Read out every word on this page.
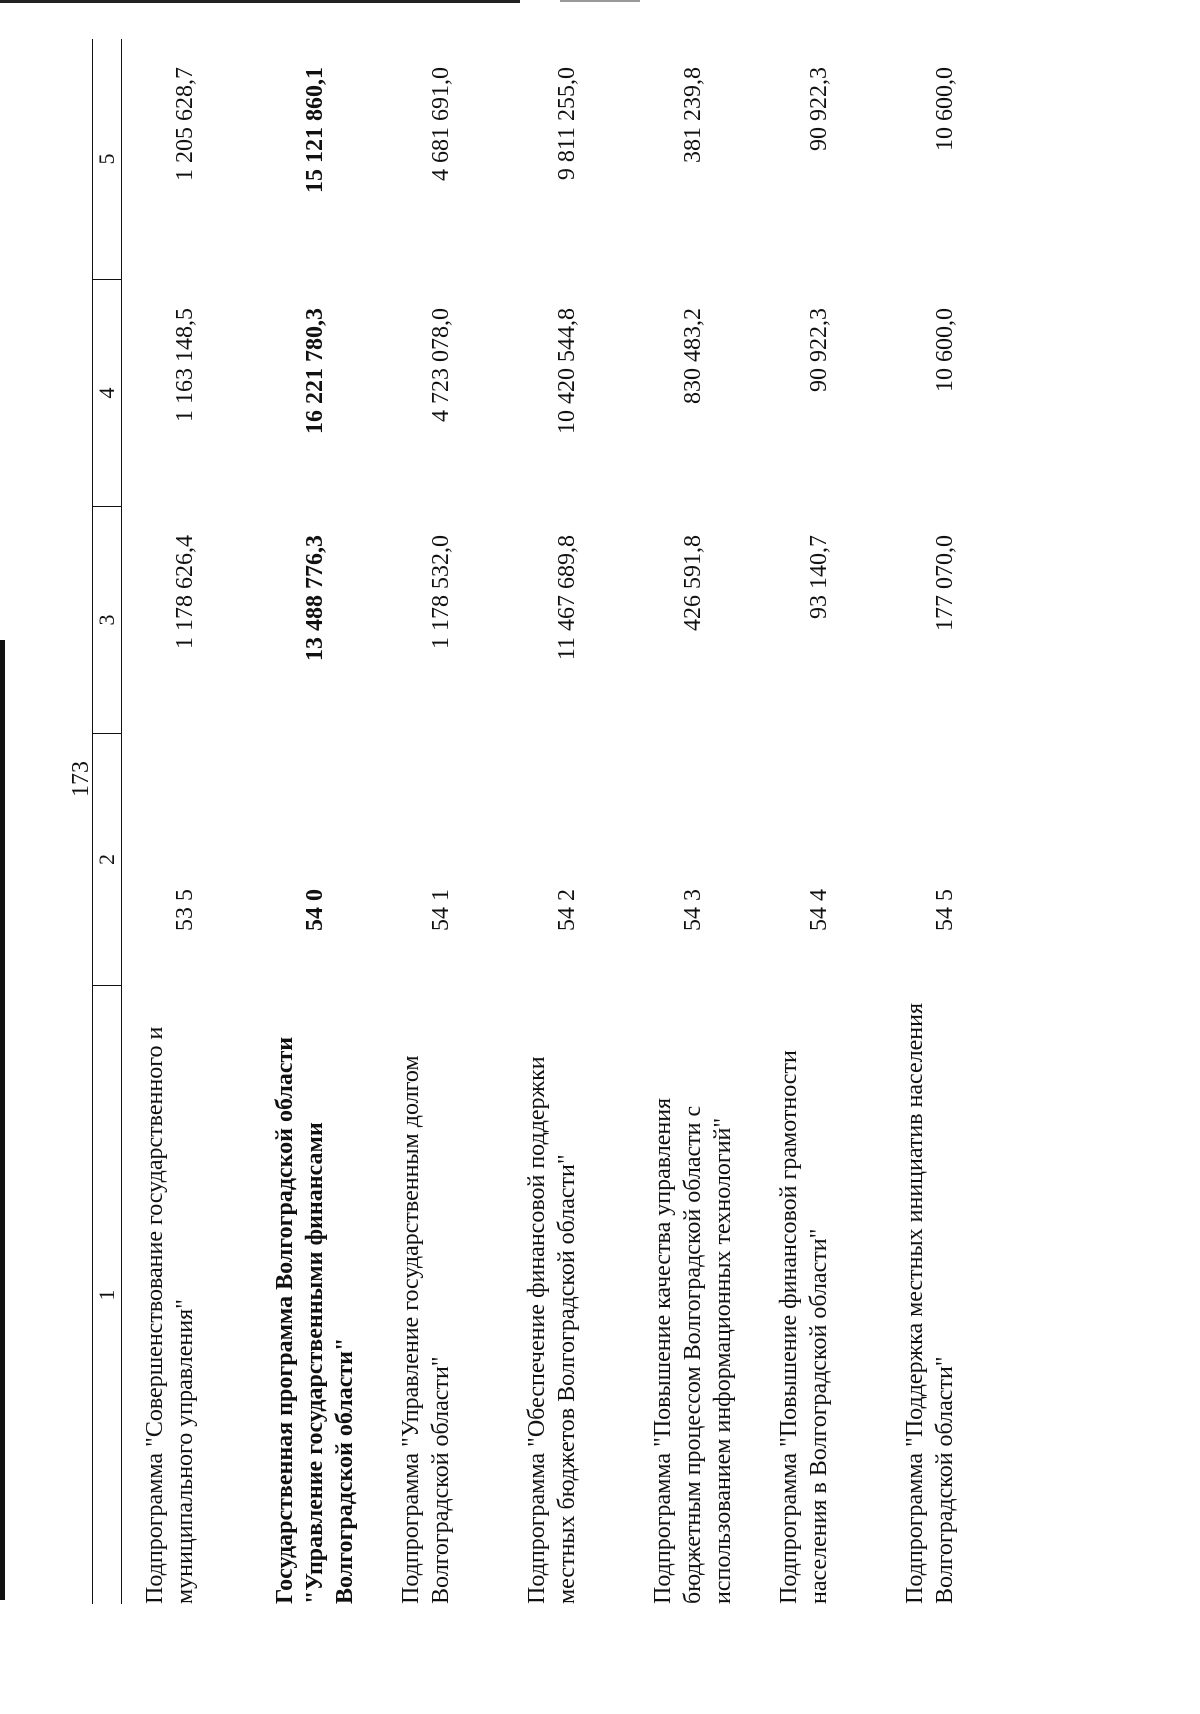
173
1
2
3
4
5
Подпрограмма "Совершенствование государственного и муниципального управления"
53 5
1 178 626,4
1 163 148,5
1 205 628,7
Государственная программа Волгоградской области "Управление государственными финансами Волгоградской области"
54 0
13 488 776,3
16 221 780,3
15 121 860,1
Подпрограмма "Управление государственным долгом Волгоградской области"
54 1
1 178 532,0
4 723 078,0
4 681 691,0
Подпрограмма "Обеспечение финансовой поддержки местных бюджетов Волгоградской области"
54 2
11 467 689,8
10 420 544,8
9 811 255,0
Подпрограмма "Повышение качества управления бюджетным процессом Волгоградской области с использованием информационных технологий"
54 3
426 591,8
830 483,2
381 239,8
Подпрограмма "Повышение финансовой грамотности населения в Волгоградской области"
54 4
93 140,7
90 922,3
90 922,3
Подпрограмма "Поддержка местных инициатив населения Волгоградской области"
54 5
177 070,0
10 600,0
10 600,0
